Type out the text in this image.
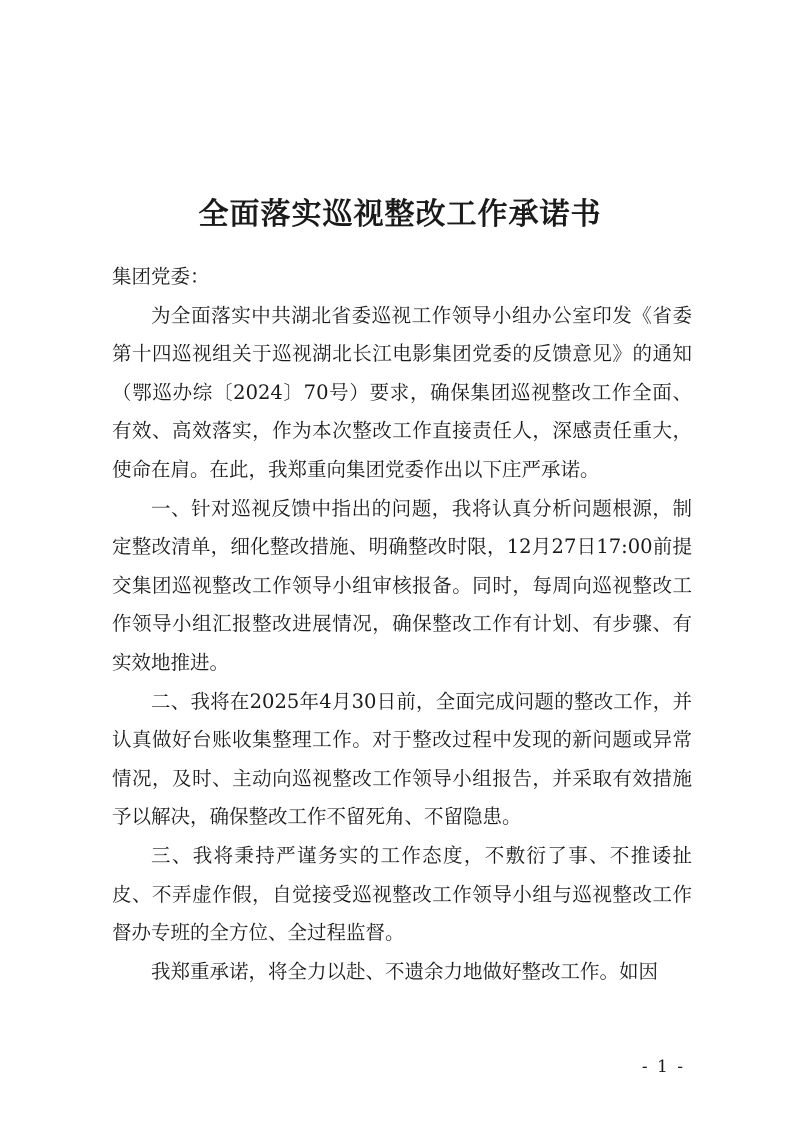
全面落实巡视整改工作承诺书

集团党委：

为全面落实中共湖北省委巡视工作领导小组办公室印发《省委第十四巡视组关于巡视湖北长江电影集团党委的反馈意见》的通知（鄂巡办综〔2024〕70号）要求，确保集团巡视整改工作全面、有效、高效落实，作为本次整改工作直接责任人，深感责任重大，使命在肩。在此，我郑重向集团党委作出以下庄严承诺。

一、针对巡视反馈中指出的问题，我将认真分析问题根源，制定整改清单，细化整改措施、明确整改时限，12月27日17:00前提交集团巡视整改工作领导小组审核报备。同时，每周向巡视整改工作领导小组汇报整改进展情况，确保整改工作有计划、有步骤、有实效地推进。

二、我将在2025年4月30日前，全面完成问题的整改工作，并认真做好台账收集整理工作。对于整改过程中发现的新问题或异常情况，及时、主动向巡视整改工作领导小组报告，并采取有效措施予以解决，确保整改工作不留死角、不留隐患。

三、我将秉持严谨务实的工作态度，不敷衍了事、不推诿扯皮、不弄虚作假，自觉接受巡视整改工作领导小组与巡视整改工作督办专班的全方位、全过程监督。

我郑重承诺，将全力以赴、不遗余力地做好整改工作。如因

- 1 -
